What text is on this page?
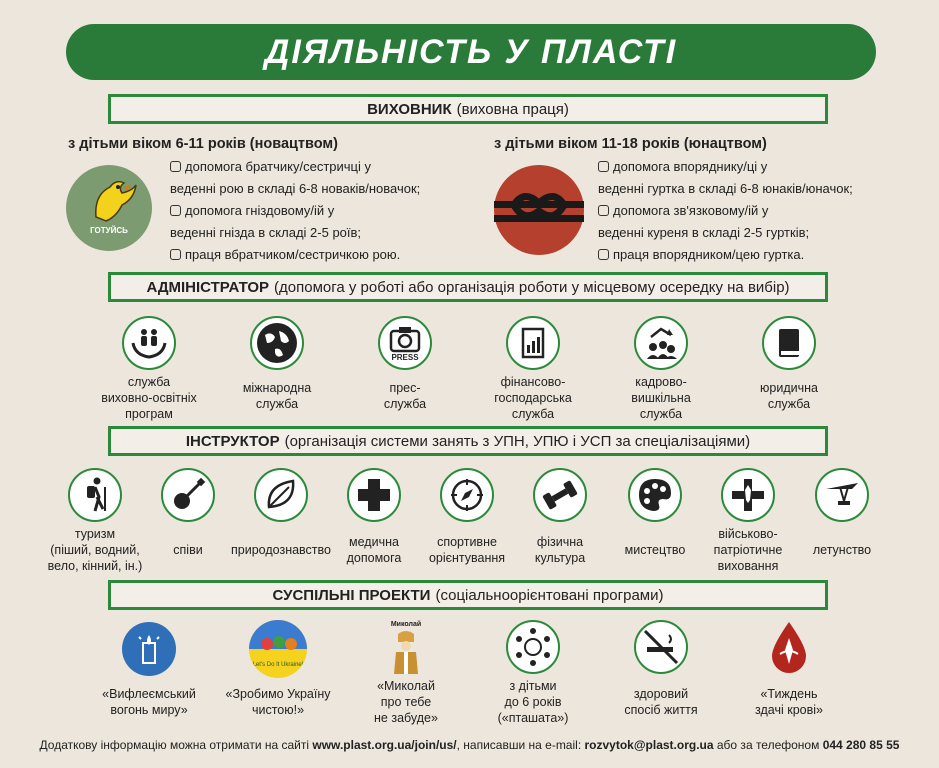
ДІЯЛЬНІСТЬ У ПЛАСТІ
ВИХОВНИК (виховна праця)
з дітьми віком 6-11 років (новацтвом)
ГОТУЙСЬ
допомога братчику/сестричці у
веденні рою в складі 6-8 новаків/новачок;
допомога гніздовому/ій у
веденні гнізда в складі 2-5 роїв;
праця вбратчиком/сестричкою рою.
з дітьми віком 11-18 років (юнацтвом)
допомога впоряднику/ці у
веденні гуртка в складі 6-8 юнаків/юначок;
допомога зв'язковому/ій у
веденні куреня в складі 2-5 гуртків;
праця впорядником/цею гуртка.
АДМІНІСТРАТОР (допомога у роботі або організація роботи у місцевому осередку на вибір)
PRESS
служба
виховно-освітніх
програм
міжнародна
служба
прес-
служба
фінансово-
господарська
служба
кадрово-
вишкільна
служба
юридична
служба
ІНСТРУКТОР (організація системи занять з УПН, УПЮ і УСП за спеціалізаціями)
туризм
(піший, водний,
вело, кінний, ін.)
співи природознавство
медична
допомога
спортивне
орієнтування
фізична
культура
мистецтво
військово-
патріотичне
виховання
летунство
СУСПІЛЬНІ ПРОЕКТИ (соціальноорієнтовані програми)
Let's Do It Ukraine!
Миколай
«Вифлеємський
вогонь миру»
«Зробимо Україну
чистою!»
«Миколай
про тебе
не забуде»
з дітьми
до 6 років
(«пташата»)
здоровий
спосіб життя
«Тиждень
здачі крові»
Додаткову інформацію можна отримати на сайті www.plast.org.ua/join/us/, написавши на e-mail: rozvytok@plast.org.ua або за телефоном 044 280 85 55
